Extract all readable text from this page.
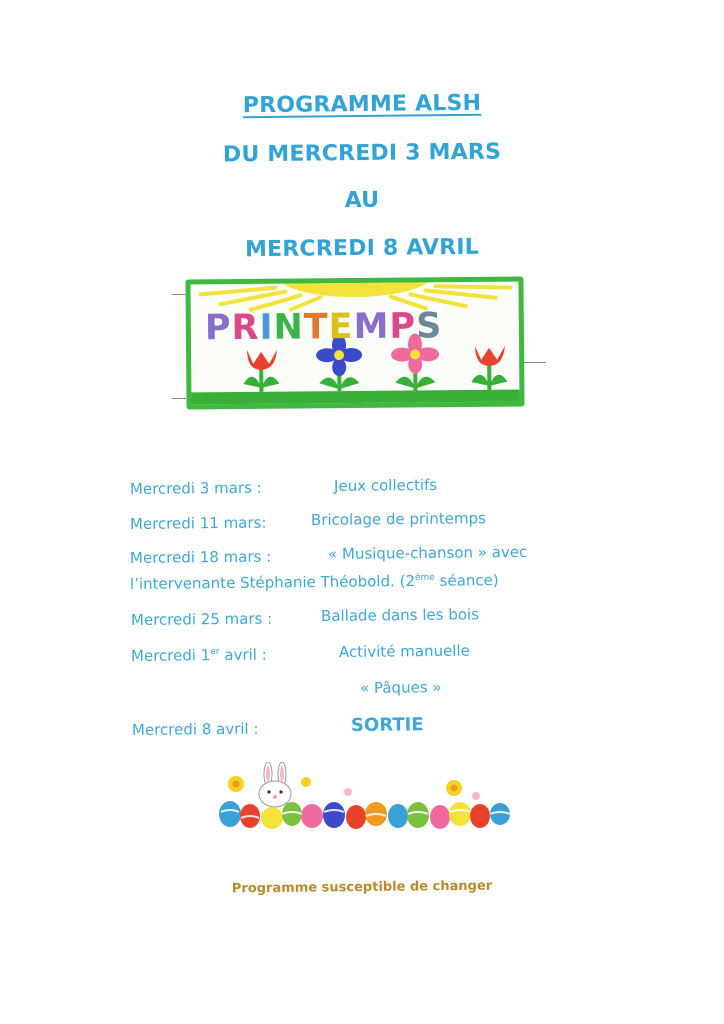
PROGRAMME ALSH
DU MERCREDI 3 MARS
AU
MERCREDI 8 AVRIL
PRINTEMPS
Mercredi 3 mars :	Jeux collectifs
Mercredi 11 mars:	Bricolage de printemps
Mercredi 18 mars :	« Musique-chanson » avec
l’intervenante Stéphanie Théobold. (2ème séance)
Mercredi 25 mars :	Ballade dans les bois
Mercredi 1er avril :	Activité manuelle
« Pâques »
Mercredi 8 avril :	SORTIE
Programme susceptible de changer
